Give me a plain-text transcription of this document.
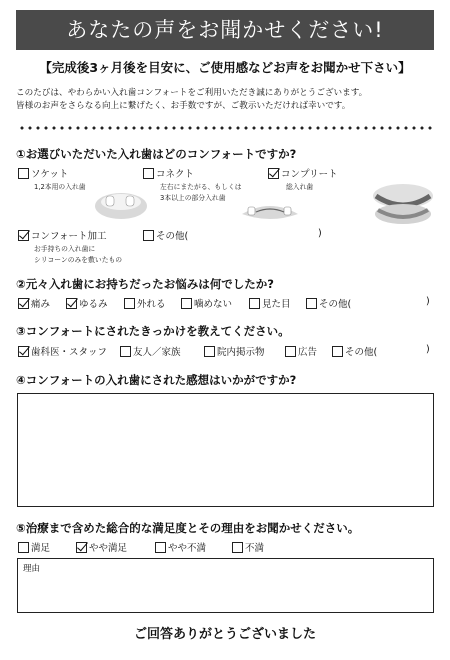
あなたの声をお聞かせください!
【完成後3ヶ月後を目安に、ご使用感などお声をお聞かせ下さい】
このたびは、やわらかい入れ歯コンフォートをご利用いただき誠にありがとうございます。
皆様のお声をさらなる向上に繋げたく、お手数ですが、ご教示いただければ幸いです。
①お選びいただいた入れ歯はどのコンフォートですか?
ソケット
1,2本用の入れ歯
コネクト
左右にまたがる、もしくは
3本以上の部分入れ歯
コンプリート
総入れ歯
コンフォート加工
お手持ちの入れ歯に
シリコーンのみを敷いたもの
その他(	)
②元々入れ歯にお持ちだったお悩みは何でしたか?
痛み	ゆるみ	外れる	噛めない	見た目	その他(	)
③コンフォートにされたきっかけを教えてください。
歯科医・スタッフ	友人／家族	院内掲示物	広告	その他(	)
④コンフォートの入れ歯にされた感想はいかがですか?
⑤治療まで含めた総合的な満足度とその理由をお聞かせください。
満足	やや満足	やや不満	不満
理由
ご回答ありがとうございました
